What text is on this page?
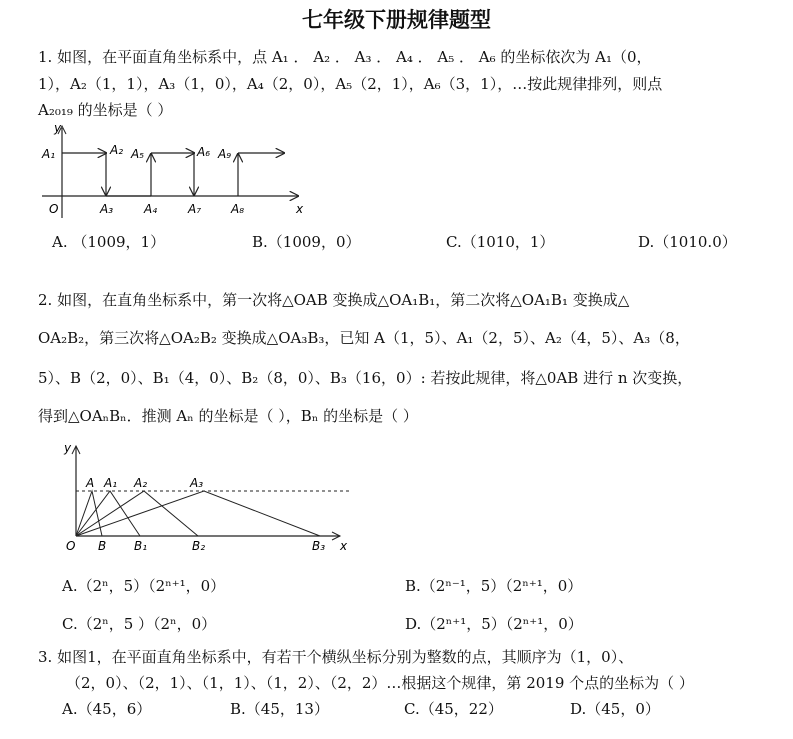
七年级下册规律题型
1. 如图，在平面直角坐标系中，点 A₁ ． A₂ ． A₃ ． A₄ ． A₅ ． A₆ 的坐标依次为 A₁（0，
1），A₂（1，1），A₃（1，0），A₄（2，0），A₅（2，1），A₆（3，1），…按此规律排列，则点
A₂₀₁₉ 的坐标是（ ）
y
x
O
A₁	A₂
A₃	A₄
A₅	A₆
A₇ A₈
A₉
A. （1009，1）	B.（1009，0）	C.（1010，1）	D.（1010.0）
2. 如图，在直角坐标系中，第一次将△OAB 变换成△OA₁B₁，第二次将△OA₁B₁ 变换成△
OA₂B₂，第三次将△OA₂B₂ 变换成△OA₃B₃，已知 A（1，5）、A₁（2，5）、A₂（4，5）、A₃（8，
5）、B（2，0）、B₁（4，0）、B₂（8，0）、B₃（16，0）: 若按此规律，将△0AB 进行 n 次变换，
得到△OAₙBₙ．推测 Aₙ 的坐标是（ ），Bₙ 的坐标是（ ）
y
x
O
A A₁ A₂	A₃
B B₁	B₂	B₃
A.（2ⁿ，5）（2ⁿ⁺¹，0）	B.（2ⁿ⁻¹，5）（2ⁿ⁺¹，0）
C.（2ⁿ，5 ）（2ⁿ，0）	D.（2ⁿ⁺¹，5）（2ⁿ⁺¹，0）
3. 如图1，在平面直角坐标系中，有若干个横纵坐标分别为整数的点，其顺序为（1，0）、
（2，0）、（2，1）、（1，1）、（1，2）、（2，2）…根据这个规律，第 2019 个点的坐标为（ ）
A.（45，6）	B.（45，13）	C.（45，22）	D.（45，0）
